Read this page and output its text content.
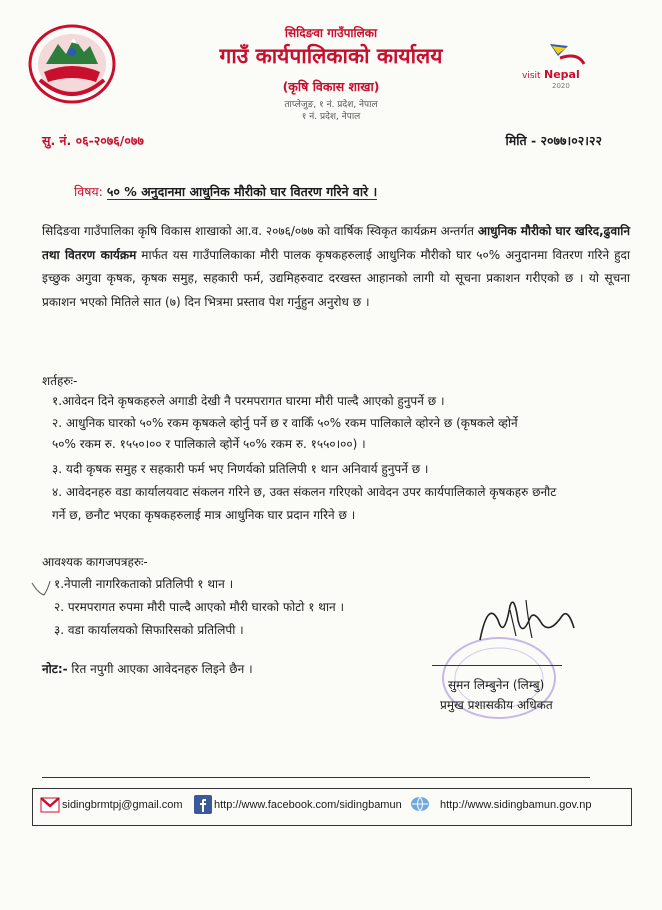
visit Nepal
2020
सिदिङवा गाउँपालिका
गाउँ कार्यपालिकाको कार्यालय
(कृषि विकास शाखा)
ताप्लेजुङ, १ नं. प्रदेश, नेपाल
१ नं. प्रदेश, नेपाल
सु. नं. ०६-२०७६/०७७	मिति - २०७७।०२।२२
विषय: ५० % अनुदानमा आधुनिक मौरीको घार वितरण गरिने वारे ।
सिदिङवा गाउँपालिका कृषि विकास शाखाको आ.व. २०७६/०७७ को वार्षिक स्विकृत कार्यक्रम अन्तर्गत आधुनिक मौरीको घार खरिद,ढुवानि तथा वितरण कार्यक्रम मार्फत यस गाउँपालिकाका मौरी पालक कृषकहरुलाई आधुनिक मौरीको घार ५०% अनुदानमा वितरण गरिने हुदा इच्छुक अगुवा कृषक, कृषक समुह, सहकारी फर्म, उद्यमिहरुवाट दरखस्त आहानको लागी यो सूचना प्रकाशन गरीएको छ । यो सूचना प्रकाशन भएको मितिले सात (७) दिन भित्रमा प्रस्ताव पेश गर्नुहुन अनुरोध छ ।
शर्तहरुः-
१.आवेदन दिने कृषकहरुले अगाडी देखी नै परमपरागत घारमा मौरी पाल्दै आएको हुनुपर्ने छ ।
२. आधुनिक घारको ५०% रकम कृषकले व्होर्नु पर्ने छ र वाकिँ ५०% रकम पालिकाले व्होरने छ (कृषकले व्होर्ने
५०% रकम रु. १५५०।०० र पालिकाले व्होर्ने ५०% रकम रु. १५५०।००) ।
३. यदी कृषक समुह र सहकारी फर्म भए निणर्यको प्रतिलिपी १ थान अनिवार्य हुनुपर्ने छ ।
४. आवेदनहरु वडा कार्यालयवाट संकलन गरिने छ, उक्त संकलन गरिएको आवेदन उपर कार्यपालिकाले कृषकहरु छनौट
गर्ने छ, छनौट भएका कृषकहरुलाई मात्र आधुनिक घार प्रदान गरिने छ ।
आवश्यक कागजपत्रहरुः-
१.नेपाली नागरिकताको प्रतिलिपी १ थान ।
२. परमपरागत रुपमा मौरी पाल्दै आएको मौरी घारको फोटो १ थान ।
३. वडा कार्यालयको सिफारिसको प्रतिलिपी ।
नोट:- रित नपुगी आएका आवेदनहरु लिइने छैन ।
सुमन लिम्बुनेन (लिम्बु)
प्रमुख प्रशासकीय अधिकत
sidingbrmtpj@gmail.com	http://www.facebook.com/sidingbamun	http://www.sidingbamun.gov.np
